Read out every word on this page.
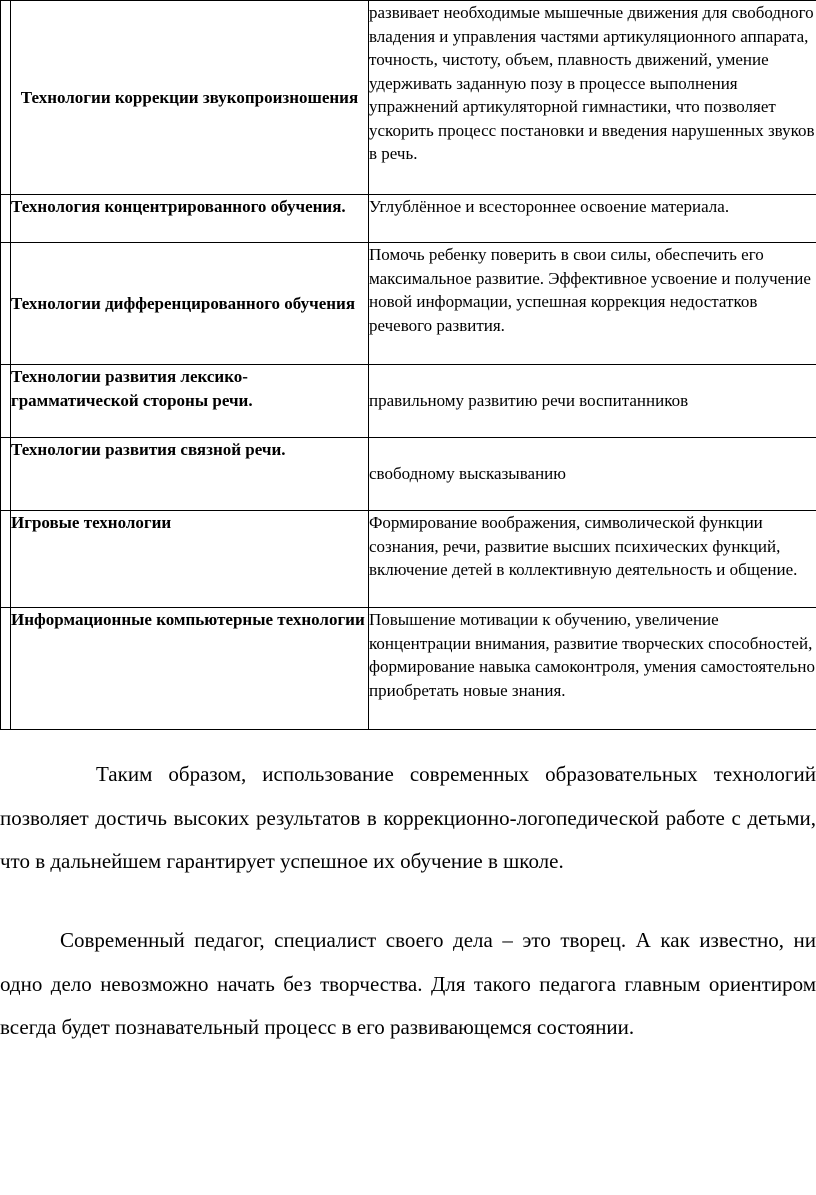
	Технологии коррекции звукопроизношения	развивает необходимые мышечные движения для свободного владения и управления частями артикуляционного аппарата, точность, чистоту, объем, плавность движений, умение удерживать заданную позу в процессе выполнения упражнений артикуляторной гимнастики, что позволяет ускорить процесс постановки и введения нарушенных звуков в речь.
	Технология концентрированного обучения.	Углублённое и всестороннее освоение материала.
	Технологии дифференцированного обучения	Помочь ребенку поверить в свои силы, обеспечить его максимальное развитие. Эффективное усвоение и получение новой информации, успешная коррекция недостатков речевого развития.
	Технологии развития лексико-грамматической стороны речи.	правильному развитию речи воспитанников
	Технологии развития связной речи.	свободному высказыванию
	Игровые технологии	Формирование воображения, символической функции сознания, речи, развитие высших психических функций, включение детей в коллективную деятельность и общение.
	Информационные компьютерные технологии	Повышение мотивации к обучению, увеличение концентрации внимания, развитие творческих способностей, формирование навыка самоконтроля, умения самостоятельно приобретать новые знания.

Таким образом, использование современных образовательных технологий позволяет достичь высоких результатов в коррекционно-логопедической работе с детьми, что в дальнейшем гарантирует успешное их обучение в школе.

Современный педагог, специалист своего дела – это творец. А как известно, ни одно дело невозможно начать без творчества. Для такого педагога главным ориентиром всегда будет познавательный процесс в его развивающемся состоянии.
